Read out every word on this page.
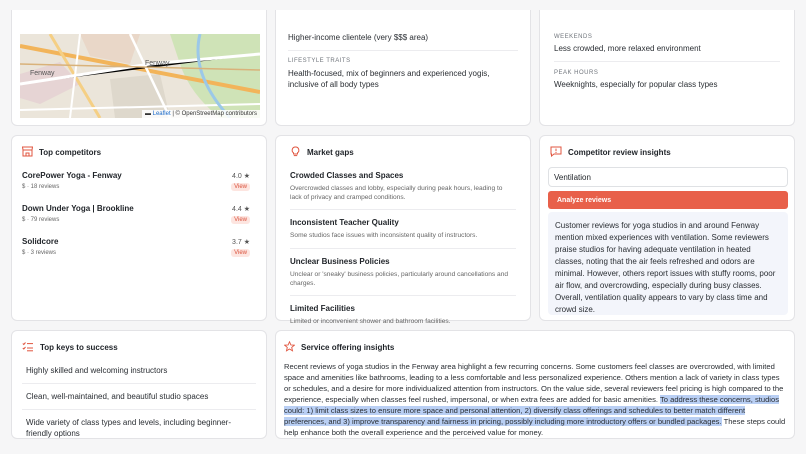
Fenway
Fenway
▬ Leaflet | © OpenStreetMap contributors
Higher-income clientele (very $$$ area)
LIFESTYLE TRAITS
Health-focused, mix of beginners and experienced yogis, inclusive of all body types
WEEKENDS
Less crowded, more relaxed environment
PEAK HOURS
Weeknights, especially for popular class types
Top competitors
CorePower Yoga - Fenway
$ · 18 reviews
4.0 ★
View
Down Under Yoga | Brookline
$ · 79 reviews
4.4 ★
View
Solidcore
$ · 3 reviews
3.7 ★
View
Market gaps
Crowded Classes and Spaces
Overcrowded classes and lobby, especially during peak hours, leading to lack of privacy and cramped conditions.
Inconsistent Teacher Quality
Some studios face issues with inconsistent quality of instructors.
Unclear Business Policies
Unclear or 'sneaky' business policies, particularly around cancellations and charges.
Limited Facilities
Limited or inconvenient shower and bathroom facilities.
Competitor review insights
Ventilation
Analyze reviews
Customer reviews for yoga studios in and around Fenway mention mixed experiences with ventilation. Some reviewers praise studios for having adequate ventilation in heated classes, noting that the air feels refreshed and odors are minimal. However, others report issues with stuffy rooms, poor air flow, and overcrowding, especially during busy classes. Overall, ventilation quality appears to vary by class time and crowd size.
Top keys to success
Highly skilled and welcoming instructors
Clean, well-maintained, and beautiful studio spaces
Wide variety of class types and levels, including beginner-friendly options
Service offering insights
Recent reviews of yoga studios in the Fenway area highlight a few recurring concerns. Some customers feel classes are overcrowded, with limited space and amenities like bathrooms, leading to a less comfortable and less personalized experience. Others mention a lack of variety in class types or schedules, and a desire for more individualized attention from instructors. On the value side, several reviewers feel pricing is high compared to the experience, especially when classes feel rushed, impersonal, or when extra fees are added for basic amenities. To address these concerns, studios could: 1) limit class sizes to ensure more space and personal attention, 2) diversify class offerings and schedules to better match different preferences, and 3) improve transparency and fairness in pricing, possibly including more introductory offers or bundled packages. These steps could help enhance both the overall experience and the perceived value for money.
